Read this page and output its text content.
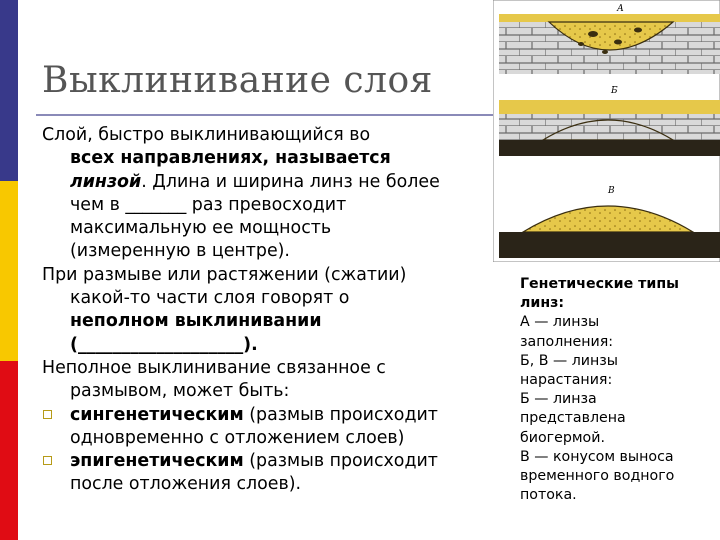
Выклинивание слоя

Слой, быстро выклинивающийся во
всех направлениях, называется
линзой. Длина и ширина линз не более
чем в _______ раз превосходит
максимальную ее мощность
(измеренную в центре).

При размыве или растяжении (сжатии)
какой-то части слоя говорят о
неполном выклинивании
(___________________).

Неполное выклинивание связанное с
размывом, может быть:

сингенетическим (размыв происходит
одновременно с отложением слоев)
эпигенетическим (размыв происходит
после отложения слоев).
А
Б
В
Генетические типы
линз:
А — линзы
заполнения:
Б, В — линзы
нарастания:
Б — линза
представлена
биогермой.
В — конусом выноса
временного водного
потока.
